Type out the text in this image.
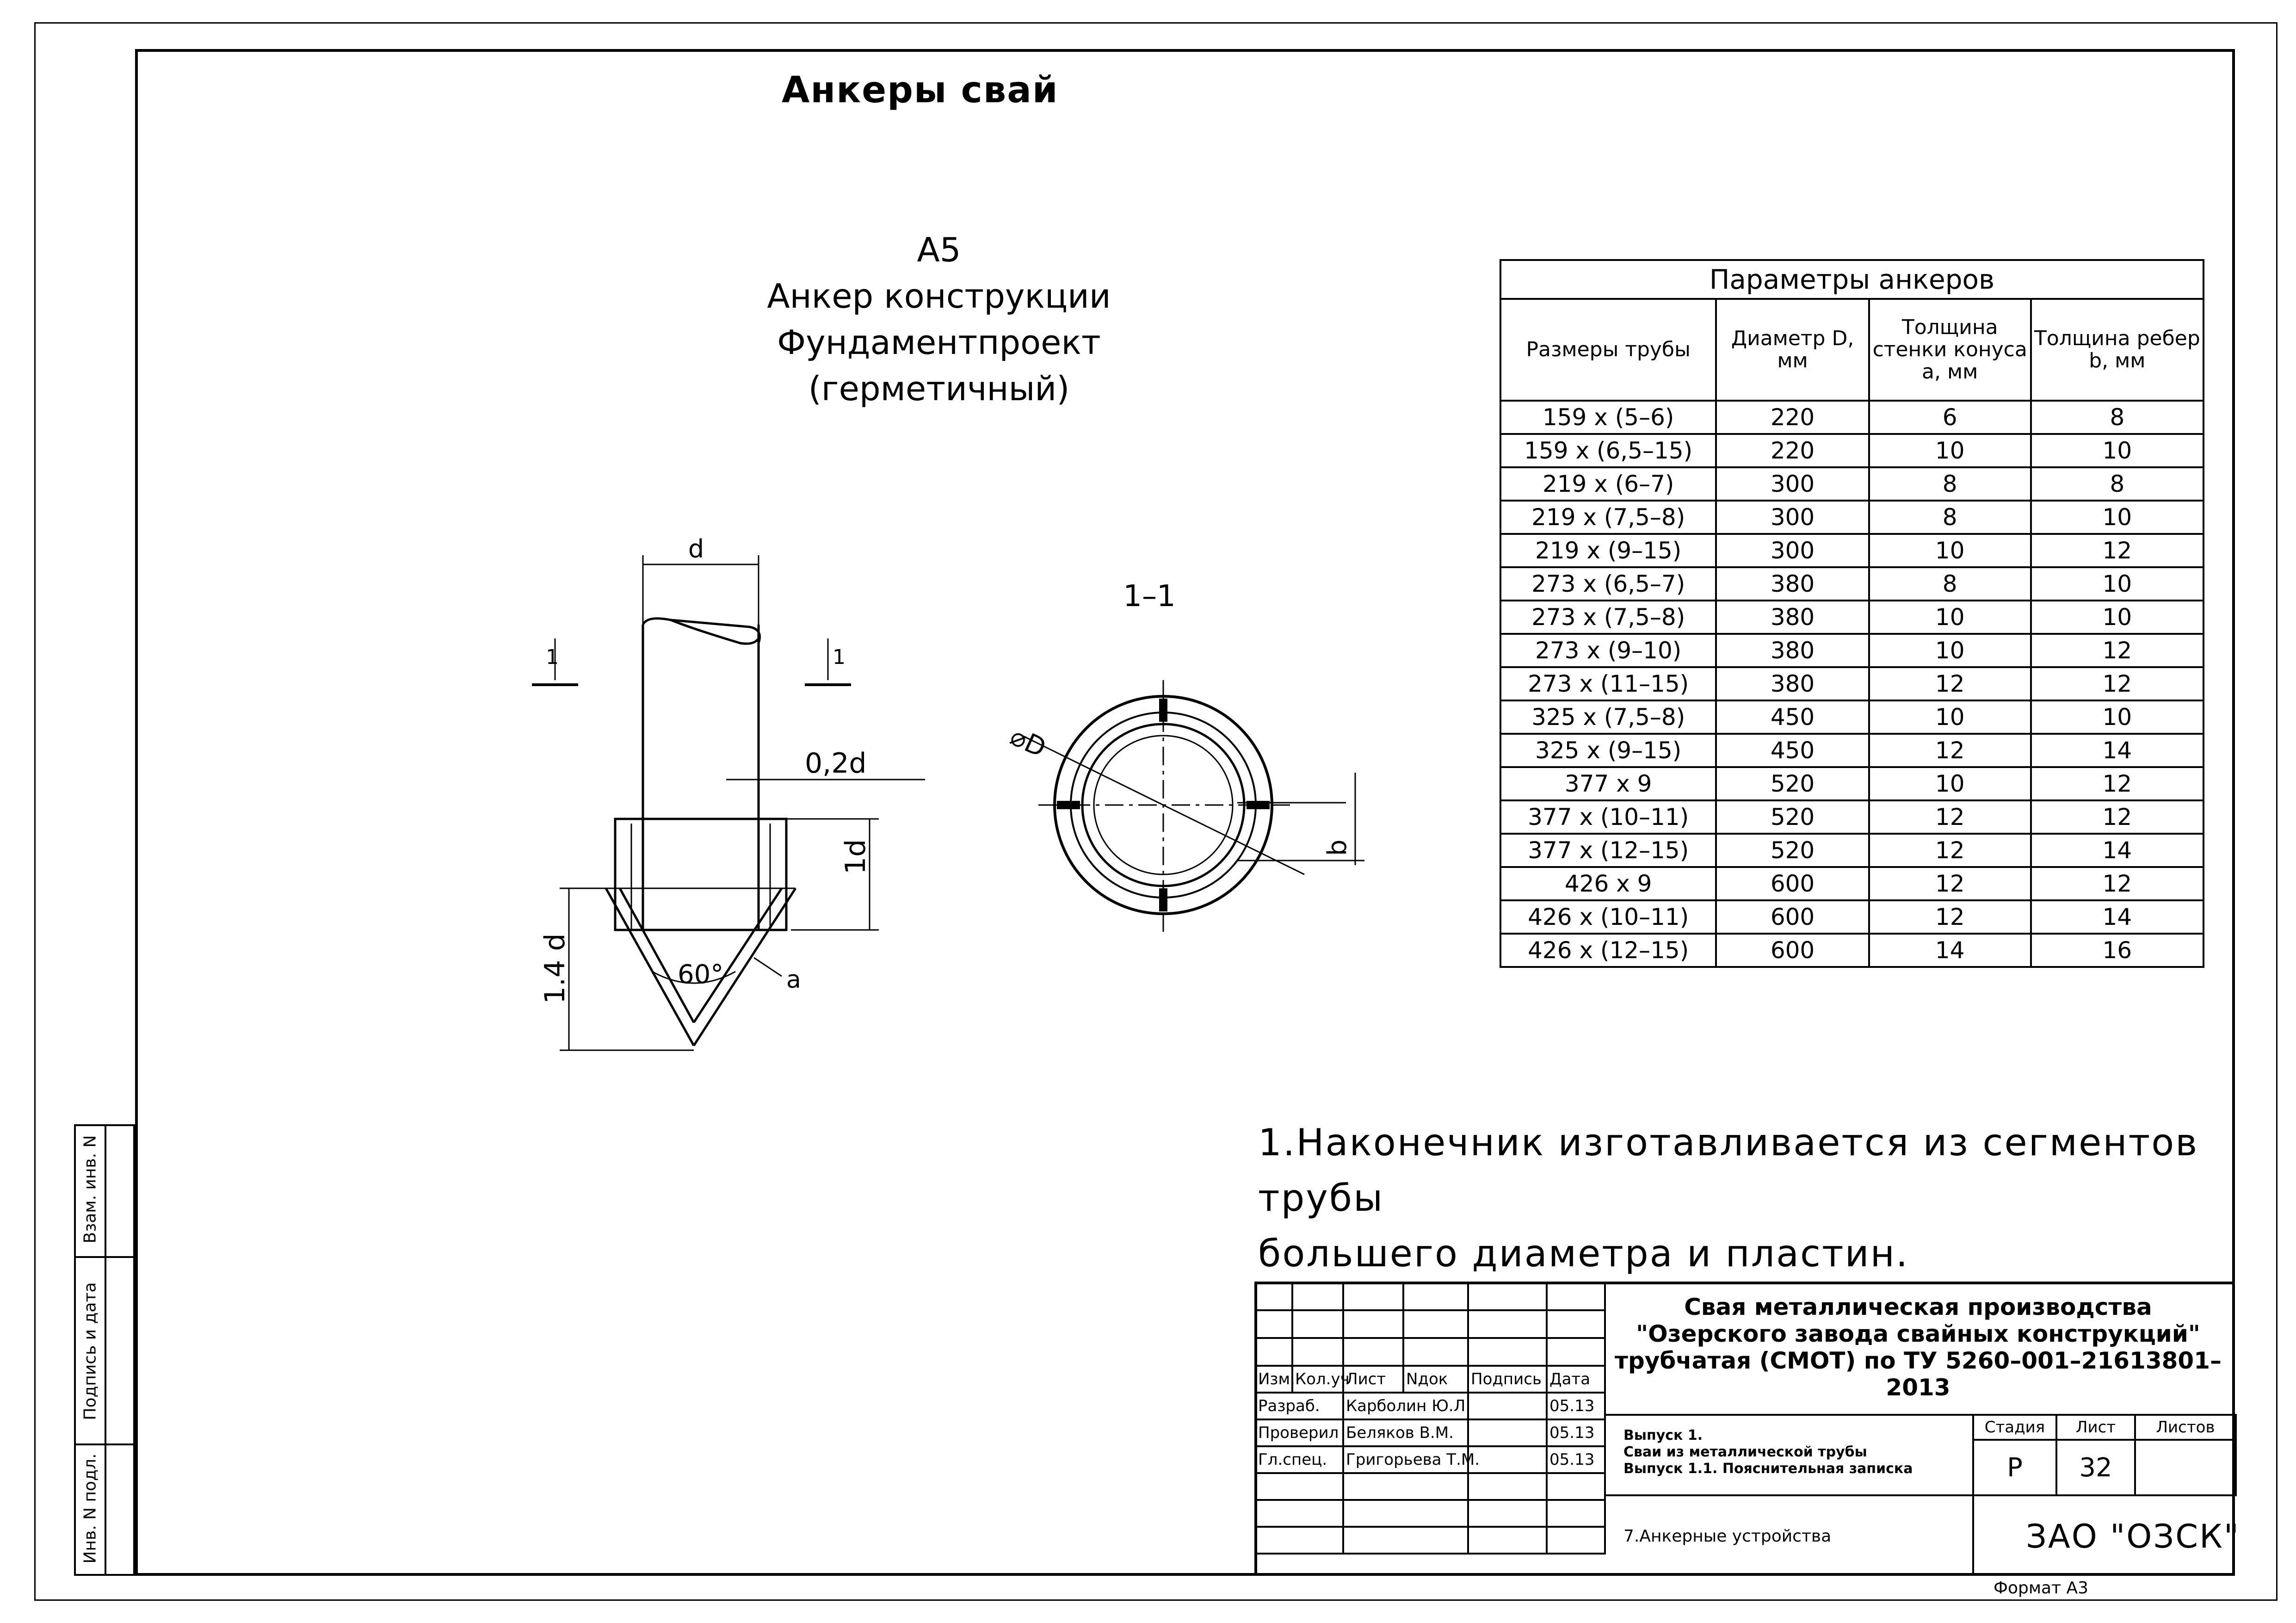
Анкеры свай
А5
Анкер конструкции
Фундаментпроект
(герметичный)
d
0,2d
1d
1.4 d	60°	a
1	1
1–1
⌀D
b
Параметры анкеров			
Размеры трубы	Диаметр D, мм	Толщина стенки конуса a, мм	Толщина ребер b, мм
159 x (5–6)	220	6	8
159 x (6,5–15)	220	10	10
219 x (6–7)	300	8	8
219 x (7,5–8)	300	8	10
219 x (9–15)	300	10	12
273 x (6,5–7)	380	8	10
273 x (7,5–8)	380	10	10
273 x (9–10)	380	10	12
273 x (11–15)	380	12	12
325 x (7,5–8)	450	10	10
325 x (9–15)	450	12	14
377 x 9	520	10	12
377 x (10–11)	520	12	12
377 x (12–15)	520	12	14
426 x 9	600	12	12
426 x (10–11)	600	12	14
426 x (12–15)	600	14	16
1.Наконечник изготавливается из сегментов трубы
большего диаметра и пластин.
Взам. инв. N
Подпись и дата
Инв. N подл.

Изм.	Кол.уч	Лист	Nдок	Подпись	Дата
Разраб.		Карболин Ю.Л.			05.13
Проверил		Беляков В.М.			05.13
Гл.спец.		Григорьева Т.М.			05.13

Свая металлическая производства
"Озерского завода свайных конструкций"
трубчатая (СМОТ) по ТУ 5260–001–21613801–2013
Выпуск 1.
Сваи из металлической трубы
Выпуск 1.1. Пояснительная записка
Стадия	Лист	Листов
Р	32	
7.Анкерные устройства	ЗАО "ОЗСК"
Формат А3
